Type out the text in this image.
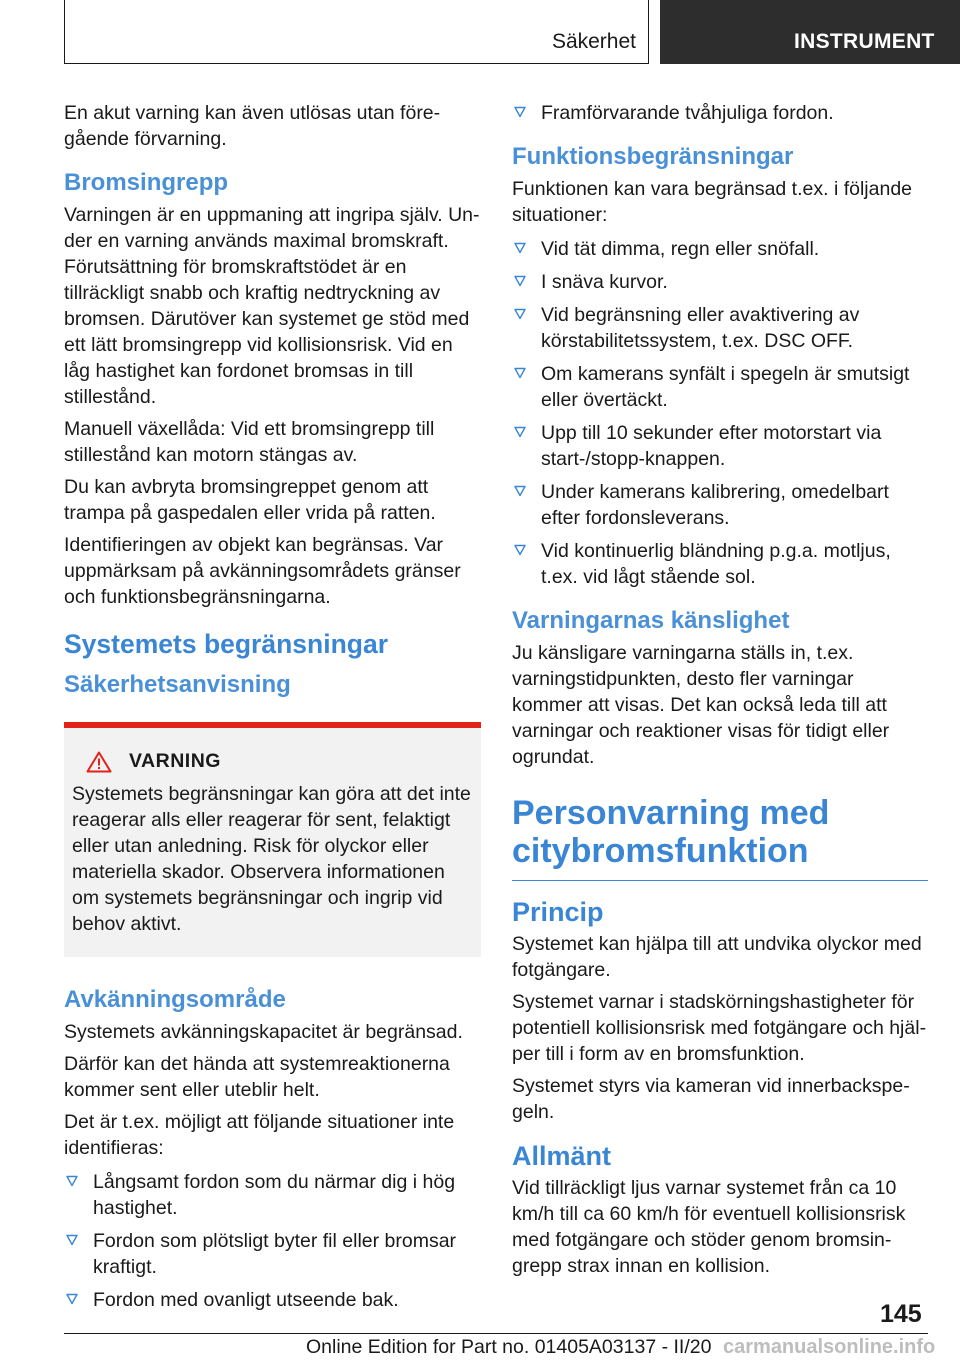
Säkerhet	INSTRUMENT

En akut varning kan även utlösas utan föregående förvarning.

Bromsingrepp

Varningen är en uppmaning att ingripa själv. Under en varning används maximal bromskraft. Förutsättning för bromskraftstödet är en tillräckligt snabb och kraftig nedtryckning av bromsen. Därutöver kan systemet ge stöd med ett lätt bromsingrepp vid kollisionsrisk. Vid en låg hastighet kan fordonet bromsas in till stillestånd.

Manuell växellåda: Vid ett bromsingrepp till stillestånd kan motorn stängas av.

Du kan avbryta bromsingreppet genom att trampa på gaspedalen eller vrida på ratten.

Identifieringen av objekt kan begränsas. Var uppmärksam på avkänningsområdets gränser och funktionsbegränsningarna.

Systemets begränsningar
Säkerhetsanvisning
VARNING

Systemets begränsningar kan göra att det inte reagerar alls eller reagerar för sent, felaktigt eller utan anledning. Risk för olyckor eller materiella skador. Observera informationen om systemets begränsningar och ingrip vid behov aktivt.

Avkänningsområde

Systemets avkänningskapacitet är begränsad.

Därför kan det hända att systemreaktionerna kommer sent eller uteblir helt.

Det är t.ex. möjligt att följande situationer inte identifieras:

Långsamt fordon som du närmar dig i hög hastighet.
Fordon som plötsligt byter fil eller bromsar kraftigt.
Fordon med ovanligt utseende bak.
Framförvarande tvåhjuliga fordon.
Funktionsbegränsningar

Funktionen kan vara begränsad t.ex. i följande situationer:

Vid tät dimma, regn eller snöfall.
I snäva kurvor.
Vid begränsning eller avaktivering av körstabilitetssystem, t.ex. DSC OFF.
Om kamerans synfält i spegeln är smutsigt eller övertäckt.
Upp till 10 sekunder efter motorstart via start-/stopp-knappen.
Under kamerans kalibrering, omedelbart efter fordonsleverans.
Vid kontinuerlig bländning p.g.a. motljus, t.ex. vid lågt stående sol.
Varningarnas känslighet

Ju känsligare varningarna ställs in, t.ex. varningstidpunkten, desto fler varningar kommer att visas. Det kan också leda till att varningar och reaktioner visas för tidigt eller ogrundat.

Personvarning med citybromsfunktion
Princip

Systemet kan hjälpa till att undvika olyckor med fotgängare.

Systemet varnar i stadskörningshastigheter för potentiell kollisionsrisk med fotgängare och hjälper till i form av en bromsfunktion.

Systemet styrs via kameran vid innerbackspegeln.

Allmänt

Vid tillräckligt ljus varnar systemet från ca 10 km/h till ca 60 km/h för eventuell kollisionsrisk med fotgängare och stöder genom bromsingrepp strax innan en kollision.

145
Online Edition for Part no. 01405A03137 - II/20 carmanualsonline.info
